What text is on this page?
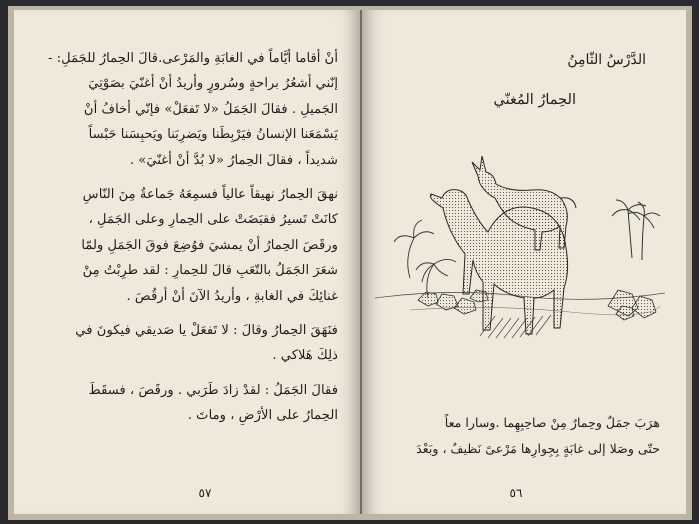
أنْ أقاما أيَّاماً في الغابَةِ والمَرْعى.قالَ الحِمارُ للجَمَلِ: -
إنّني أشعُرُ براحةٍ وسُرورٍ وأريدُ أنْ أغنّيَ بصَوْتِيَ
الجَميلِ . فقالَ الجَمَلُ «لا تَفعَلْ» فإنّي أخافُ أنْ
يَسْمَعَنا الإنسانُ فيَرْبِطَنا ويَضرِبَنا ويَحبِسَنا حَبْساً
شديداً ، فقالَ الحِمارُ «لا بُدَّ أنْ أغنّيَ» .
نهقَ الحِمارُ نهيقاً عالياً فسمِعَهُ جَماعةٌ مِنَ النّاسِ
كانَتْ تَسيرُ فقبَضَتْ على الحِمارِ وعلى الجَمَلِ ،
ورقَصَ الحِمارُ أنْ يمشيَ فوُضِعَ فوقَ الجَمَلِ ولمّا
شعَرَ الجَمَلُ بالتّعَبِ قالَ للحِمارِ : لقد طرِبْتُ مِنْ
غنائِكَ في الغابةِ ، وأريدُ الآنَ أنْ أرقُصَ .
فنَهَقَ الحِمارُ وقالَ : لا تَفعَلْ يا صَديقي فيكونَ في
ذلِكَ هَلاكي .
فقالَ الجَمَلُ : لقدْ زادَ طَرَبي . ورقَصَ ، فسقَطَ
الحِمارُ على الأرْضِ ، وماتَ .
٥٧
الدَّرْسُ الثّامِنُ
الحِمارُ المُغنّي
هرَبَ جمَلٌ وحِمارٌ مِنْ صاحِبِهِما .وسارا معاً
حتّى وصَلا إلى غابَةٍ بِجِوارِها مَرْعىً نَظيفٌ ، وبَعْدَ
٥٦
